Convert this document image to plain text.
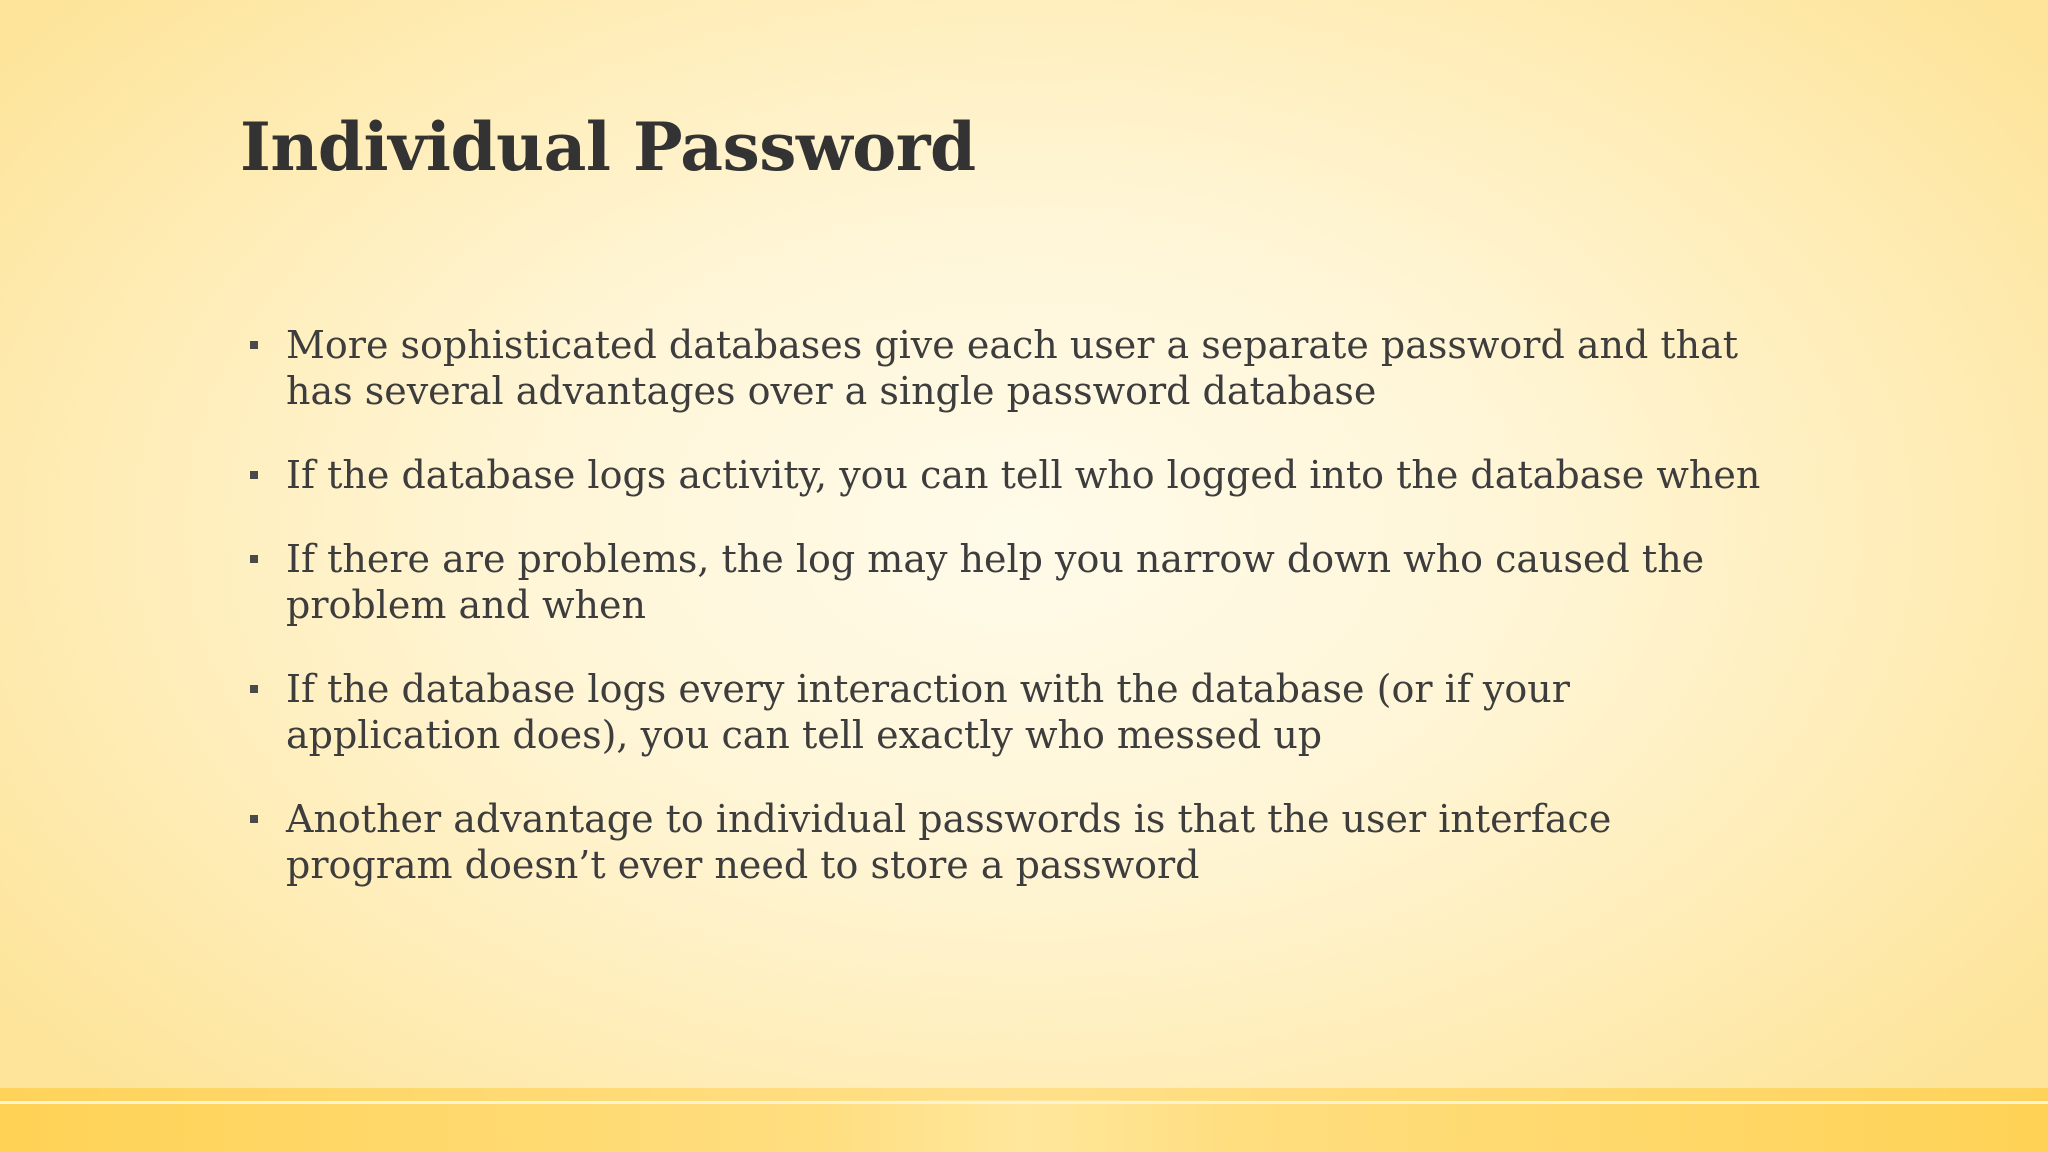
Individual Password
More sophisticated databases give each user a separate password and that has several advantages over a single password database
If the database logs activity, you can tell who logged into the database when
If there are problems, the log may help you narrow down who caused the problem and when
If the database logs every interaction with the database (or if your application does), you can tell exactly who messed up
Another advantage to individual passwords is that the user interface program doesn’t ever need to store a password
